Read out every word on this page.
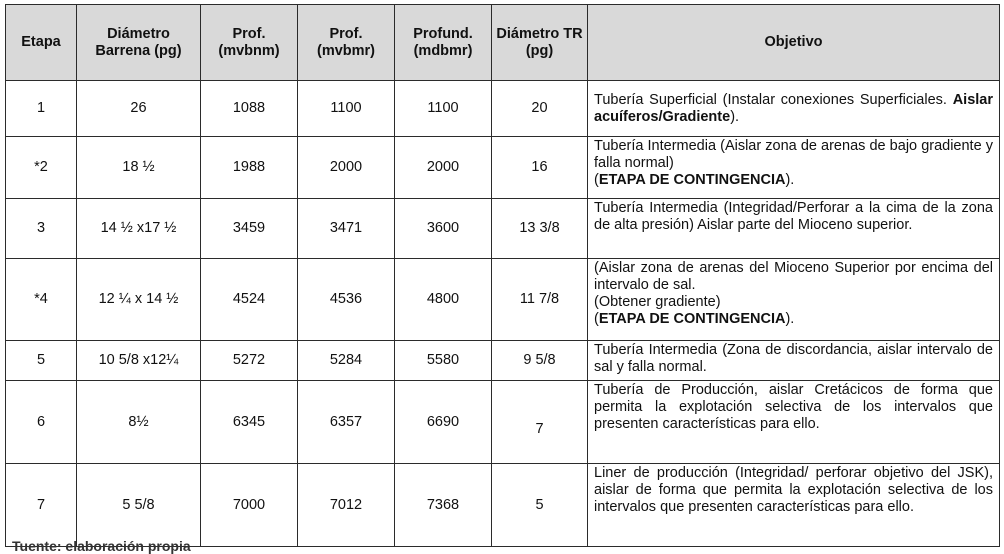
Etapa	Diámetro Barrena (pg)	Prof. (mvbnm)	Prof. (mvbmr)	Profund. (mdbmr)	Diámetro TR (pg)	Objetivo
1	26	1088	1100	1100	20	Tubería Superficial (Instalar conexiones Superficiales. Aislar acuíferos/Gradiente).
*2	18 ½	1988	2000	2000	16	Tubería Intermedia (Aislar zona de arenas de bajo gradiente y falla normal)
(ETAPA DE CONTINGENCIA).

3	14 ½ x17 ½	3459	3471	3600	13 3/8	Tubería Intermedia (Integridad/Perforar a la cima de la zona de alta presión) Aislar parte del Mioceno superior.
*4	12 ¼ x 14 ½	4524	4536	4800	11 7/8	(Aislar zona de arenas del Mioceno Superior por encima del intervalo de sal.
(Obtener gradiente)
(ETAPA DE CONTINGENCIA).

5	10 5/8 x12¼	5272	5284	5580	9 5/8	Tubería Intermedia (Zona de discordancia, aislar intervalo de sal y falla normal.
6	8½	6345	6357	6690	7	Tubería de Producción, aislar Cretácicos de forma que permita la explotación selectiva de los intervalos que presenten características para ello.
7	5 5/8	7000	7012	7368	5	Liner de producción (Integridad/ perforar objetivo del JSK), aislar de forma que permita la explotación selectiva de los intervalos que presenten características para ello.
Tuente: elaboración propia
